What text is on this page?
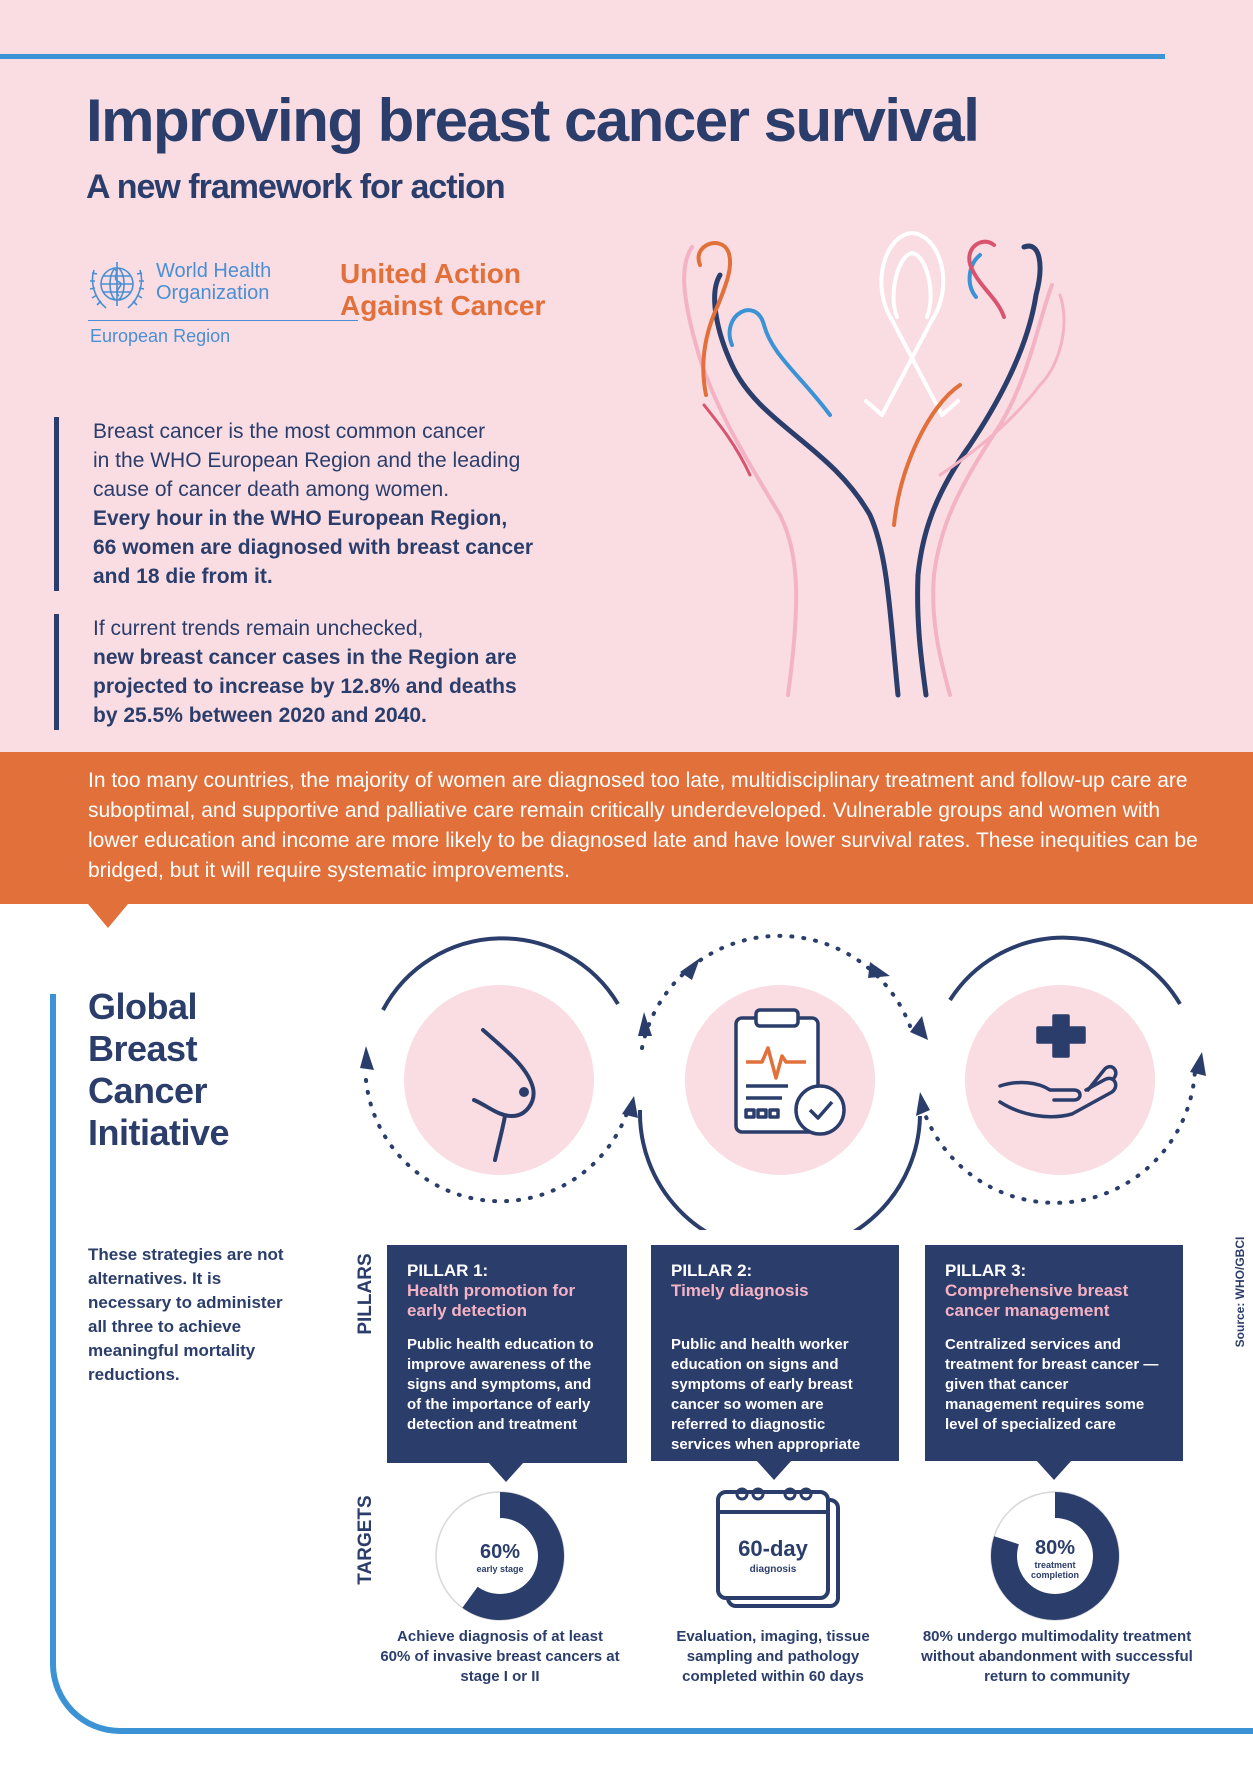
Improving breast cancer survival
A new framework for action
World Health
Organization
European Region
United Action
Against Cancer

Breast cancer is the most common cancer

in the WHO European Region and the leading

cause of cancer death among women.

Every hour in the WHO European Region,

66 women are diagnosed with breast cancer

and 18 die from it.

If current trends remain unchecked,

new breast cancer cases in the Region are

projected to increase by 12.8% and deaths

by 25.5% between 2020 and 2040.

In too many countries, the majority of women are diagnosed too late, multidisciplinary treatment and follow-up care are suboptimal, and supportive and palliative care remain critically underdeveloped. Vulnerable groups and women with lower education and income are more likely to be diagnosed late and have lower survival rates. These inequities can be bridged, but it will require systematic improvements.

Global
Breast
Cancer
Initiative
These strategies are not alternatives. It is necessary to administer all three to achieve meaningful mortality reductions.
PILLARS
TARGETS
Source: WHO/GBCI
PILLAR 1:
Health promotion for early detection
Public health education to improve awareness of the signs and symptoms, and of the importance of early detection and treatment
PILLAR 2:
Timely diagnosis
Public and health worker education on signs and symptoms of early breast cancer so women are referred to diagnostic services when appropriate
PILLAR 3:
Comprehensive breast cancer management
Centralized services and treatment for breast cancer — given that cancer management requires some level of specialized care
60%
early stage
60-day
diagnosis
80%
treatment
completion
Achieve diagnosis of at least 60% of invasive breast cancers at stage I or II
Evaluation, imaging, tissue sampling and pathology completed within 60 days
80% undergo multimodality treatment without abandonment with successful return to community
